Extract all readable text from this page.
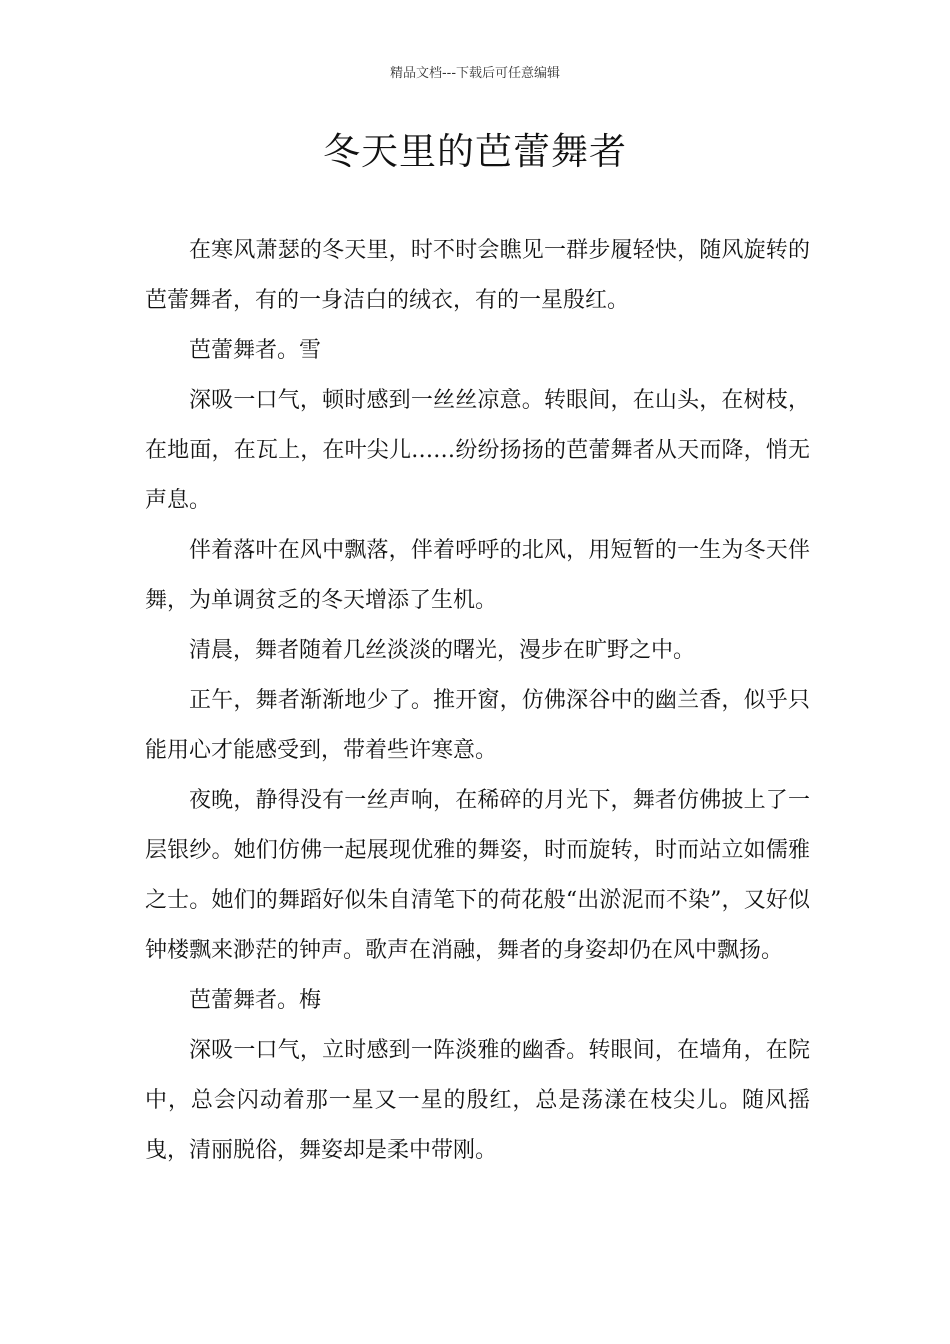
精品文档---下载后可任意编辑
冬天里的芭蕾舞者

在寒风萧瑟的冬天里，时不时会瞧见一群步履轻快，随风旋转的芭蕾舞者，有的一身洁白的绒衣，有的一星殷红。

芭蕾舞者。雪

深吸一口气，顿时感到一丝丝凉意。转眼间，在山头，在树枝，在地面，在瓦上，在叶尖儿……纷纷扬扬的芭蕾舞者从天而降，悄无声息。

伴着落叶在风中飘落，伴着呼呼的北风，用短暂的一生为冬天伴舞，为单调贫乏的冬天增添了生机。

清晨，舞者随着几丝淡淡的曙光，漫步在旷野之中。

正午，舞者渐渐地少了。推开窗，仿佛深谷中的幽兰香，似乎只能用心才能感受到，带着些许寒意。

夜晚，静得没有一丝声响，在稀碎的月光下，舞者仿佛披上了一层银纱。她们仿佛一起展现优雅的舞姿，时而旋转，时而站立如儒雅之士。她们的舞蹈好似朱自清笔下的荷花般“出淤泥而不染”，又好似钟楼飘来渺茫的钟声。歌声在消融，舞者的身姿却仍在风中飘扬。

芭蕾舞者。梅

深吸一口气，立时感到一阵淡雅的幽香。转眼间，在墙角，在院中，总会闪动着那一星又一星的殷红，总是荡漾在枝尖儿。随风摇曳，清丽脱俗，舞姿却是柔中带刚。
